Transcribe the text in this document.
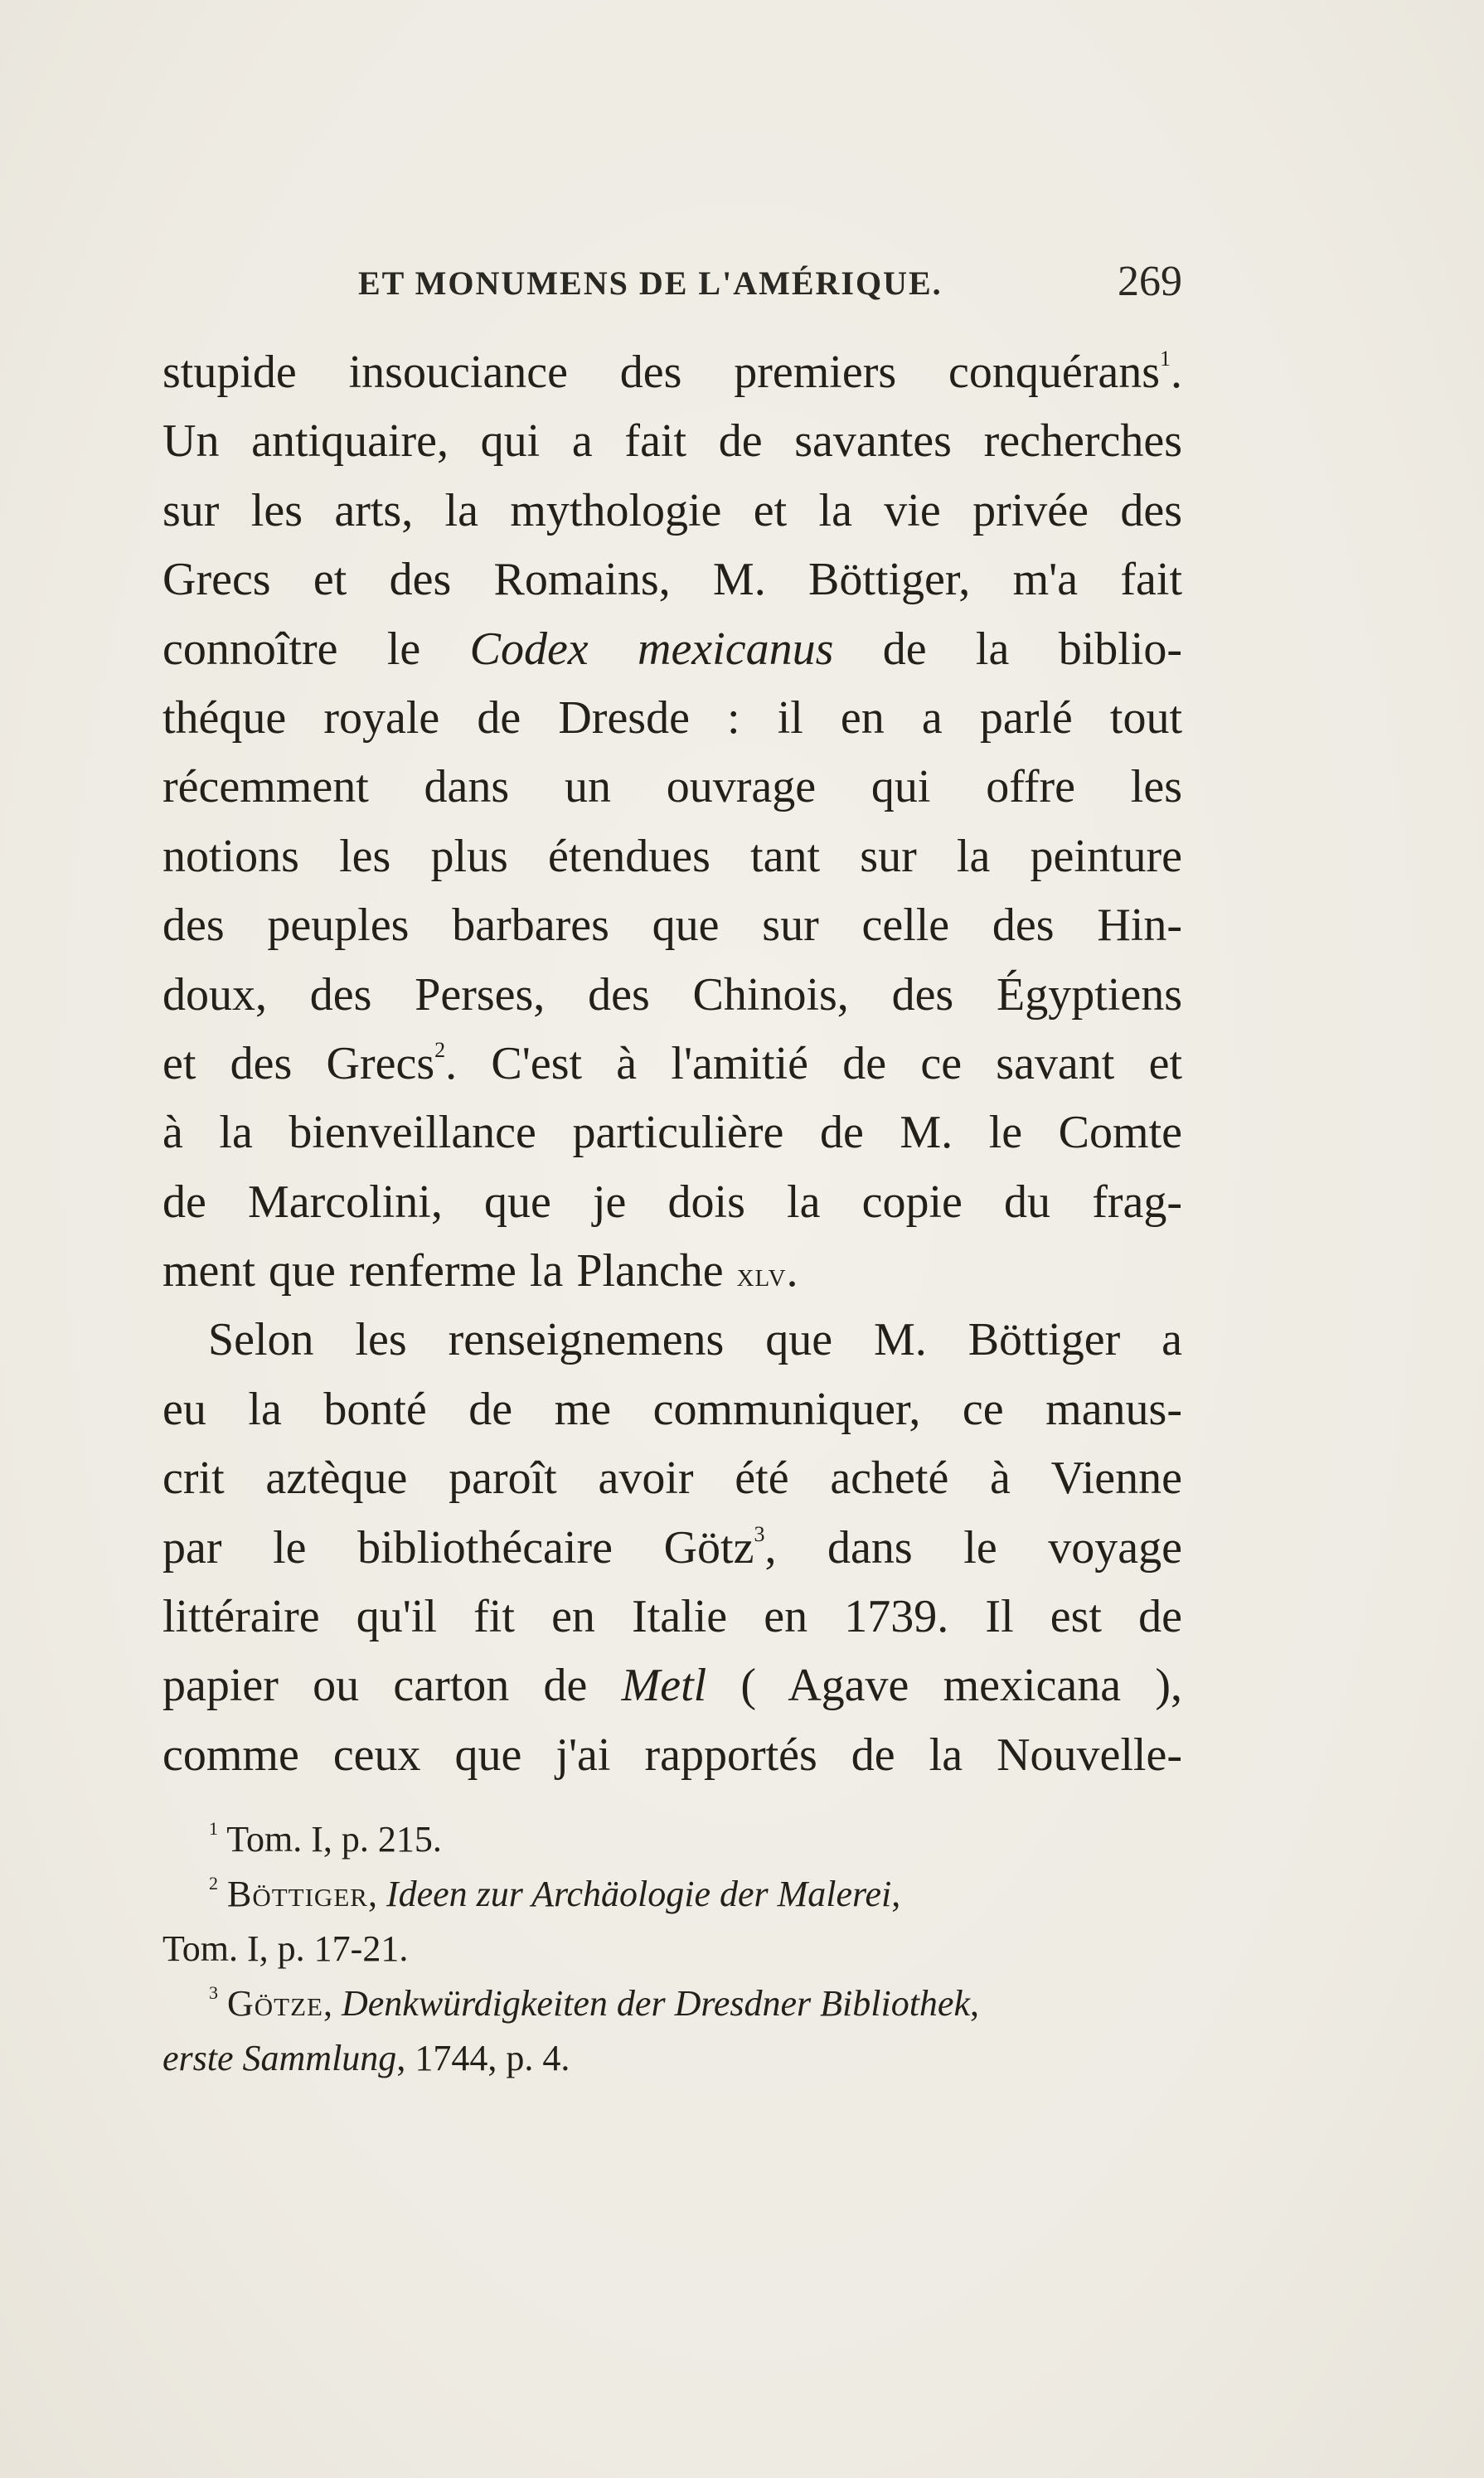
ET MONUMENS DE L'AMÉRIQUE.	269
stupide insouciance des premiers conquérans$^1$.
Un antiquaire, qui a fait de savantes recherches
sur les arts, la mythologie et la vie privée des
Grecs et des Romains, M. Böttiger, m'a fait
connoître le Codex mexicanus de la biblio-
théque royale de Dresde : il en a parlé tout
récemment dans un ouvrage qui offre les
notions les plus étendues tant sur la peinture
des peuples barbares que sur celle des Hin-
doux, des Perses, des Chinois, des Égyptiens
et des Grecs$^2$. C'est à l'amitié de ce savant et
à la bienveillance particulière de M. le Comte
de Marcolini, que je dois la copie du frag-
ment que renferme la Planche xlv.
Selon les renseignemens que M. Böttiger a
eu la bonté de me communiquer, ce manus-
crit aztèque paroît avoir été acheté à Vienne
par le bibliothécaire Götz$^3$, dans le voyage
littéraire qu'il fit en Italie en 1739. Il est de
papier ou carton de Metl ( Agave mexicana ),
comme ceux que j'ai rapportés de la Nouvelle-
$^1$ Tom. I, p. 215.
$^2$ Böttiger, Ideen zur Archäologie der Malerei,
Tom. I, p. 17-21.
$^3$ Götze, Denkwürdigkeiten der Dresdner Bibliothek,
erste Sammlung, 1744, p. 4.
